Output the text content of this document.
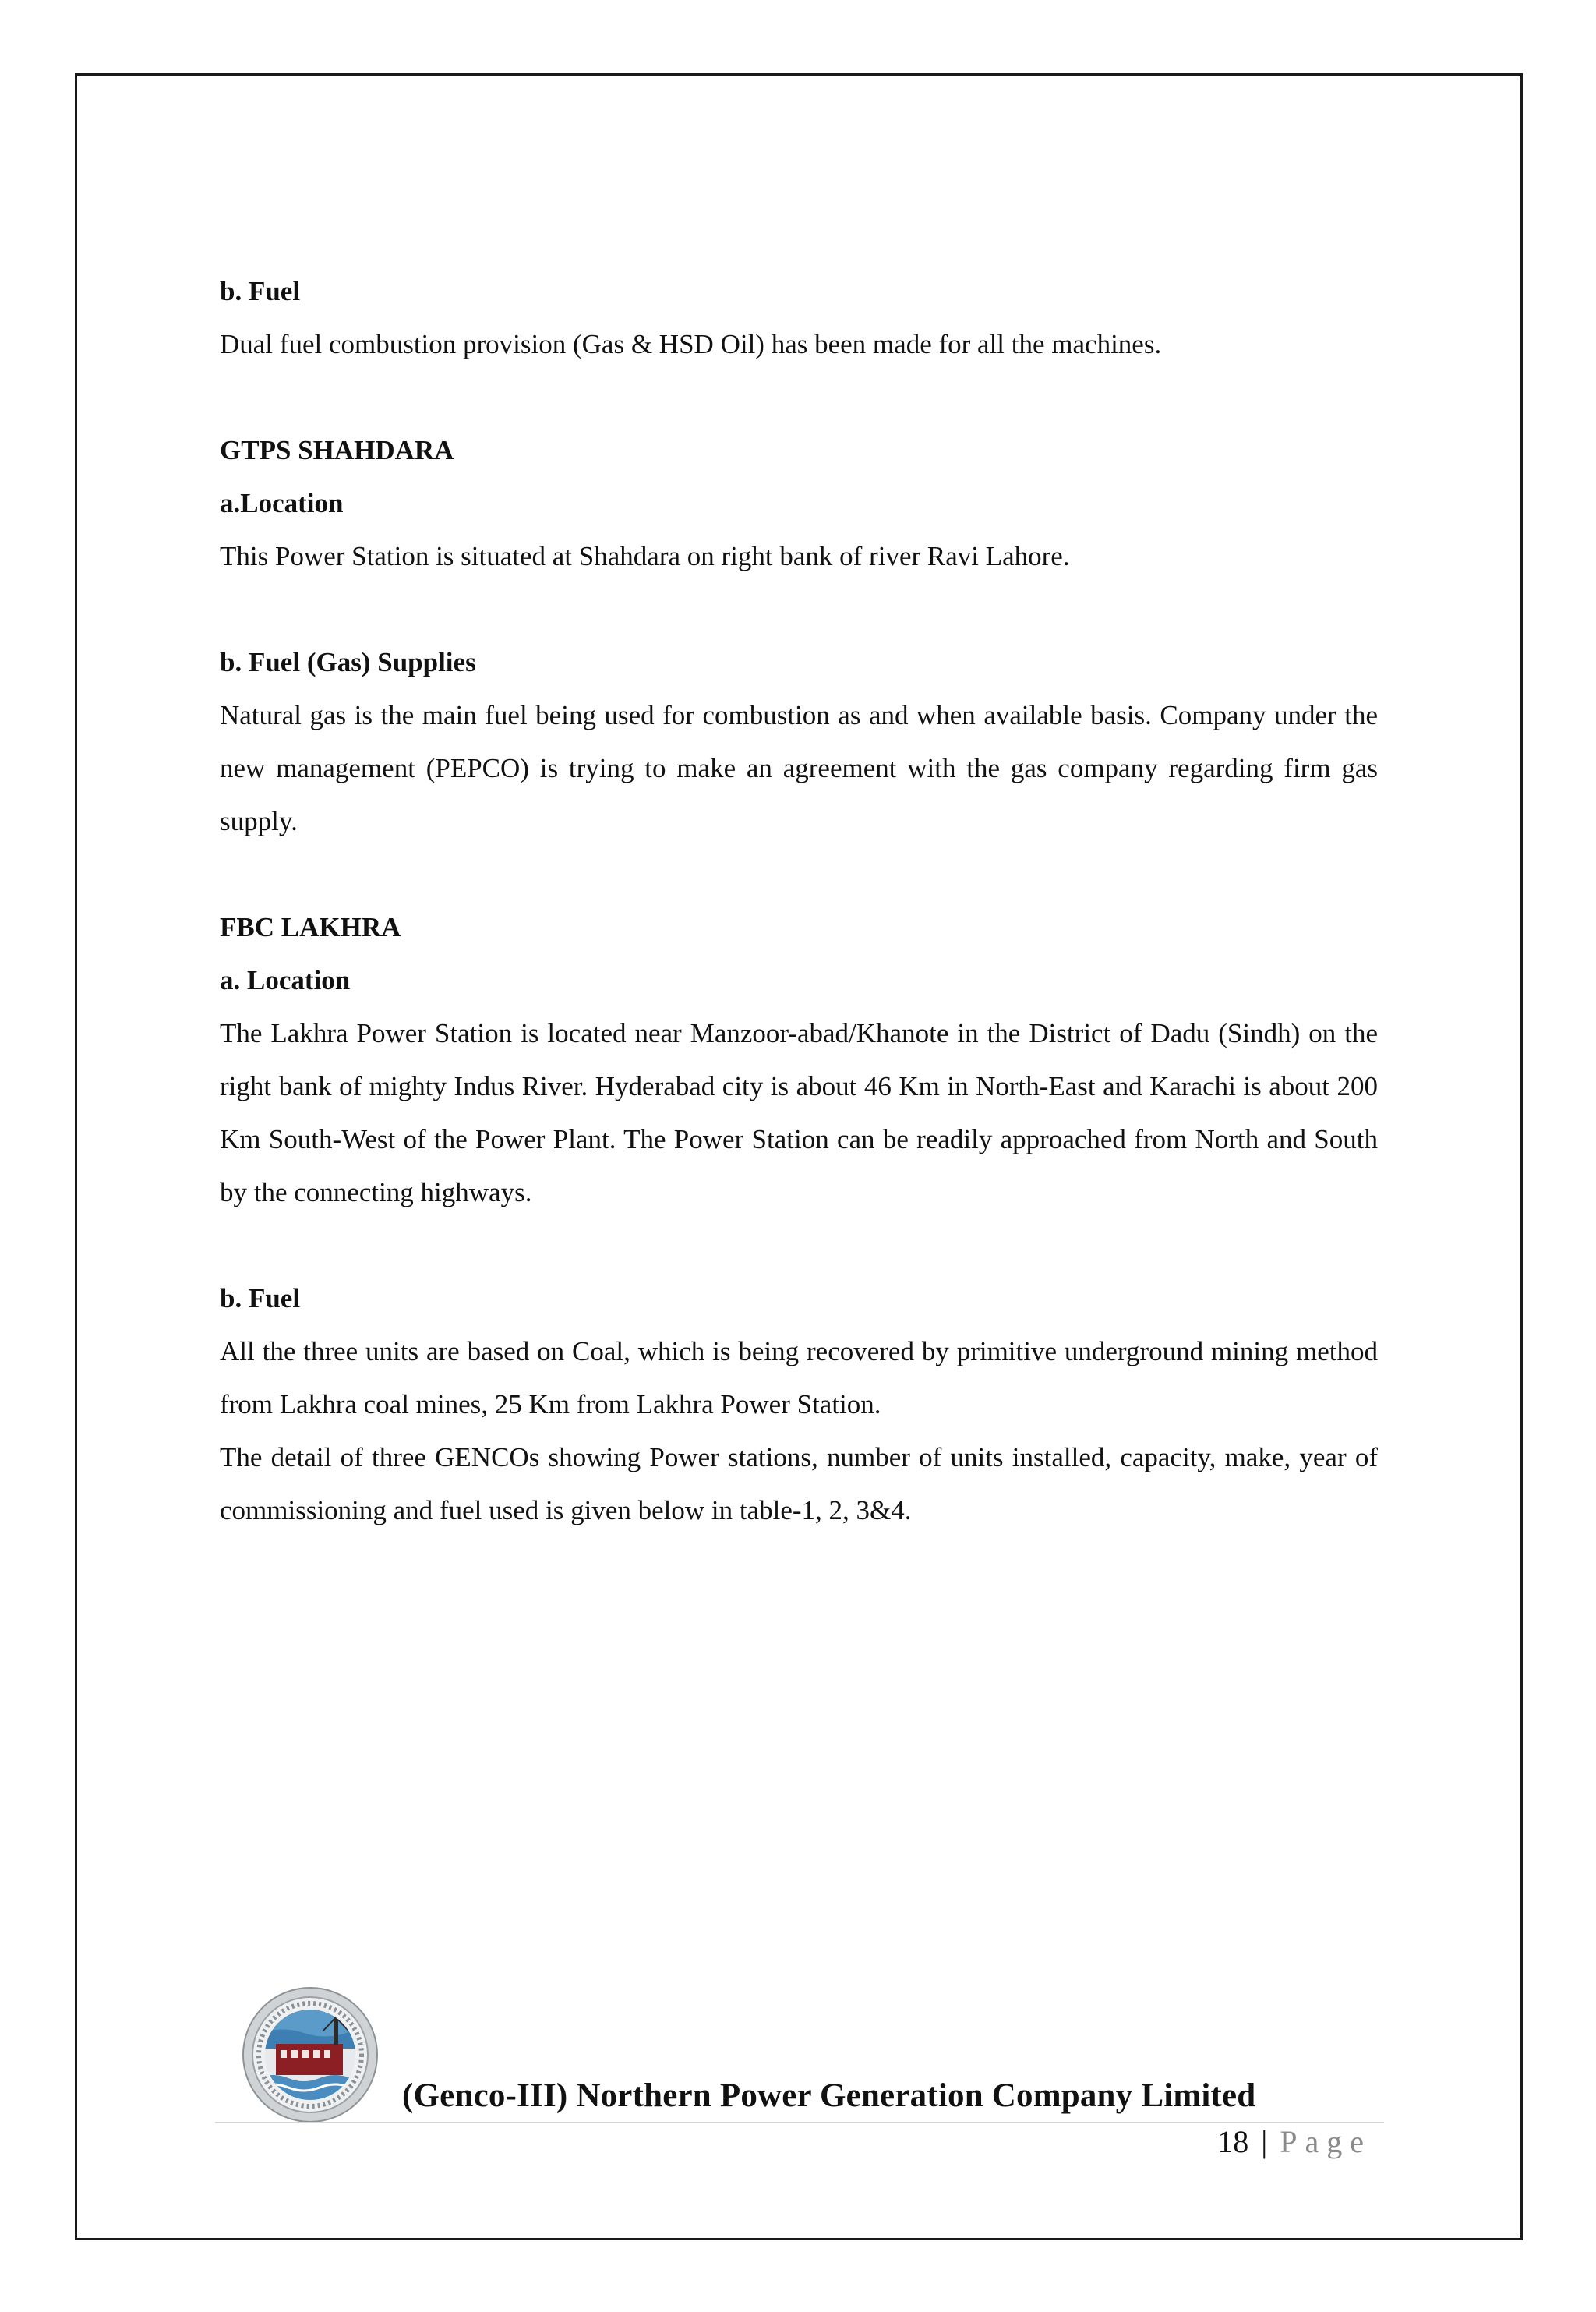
b. Fuel

Dual fuel combustion provision (Gas & HSD Oil) has been made for all the machines.

GTPS SHAHDARA

a.Location

This Power Station is situated at Shahdara on right bank of river Ravi Lahore.

b. Fuel (Gas) Supplies

Natural gas is the main fuel being used for combustion as and when available basis. Company under the new management (PEPCO) is trying to make an agreement with the gas company regarding firm gas supply.

FBC LAKHRA

a. Location

The Lakhra Power Station is located near Manzoor-abad/Khanote in the District of Dadu (Sindh) on the right bank of mighty Indus River. Hyderabad city is about 46 Km in North-East and Karachi is about 200 Km South-West of the Power Plant. The Power Station can be readily approached from North and South by the connecting highways.

b. Fuel

All the three units are based on Coal, which is being recovered by primitive underground mining method from Lakhra coal mines, 25 Km from Lakhra Power Station.

The detail of three GENCOs showing Power stations, number of units installed, capacity, make, year of commissioning and fuel used is given below in table-1, 2, 3&4.

(Genco-III) Northern Power Generation Company Limited
18 | Page
